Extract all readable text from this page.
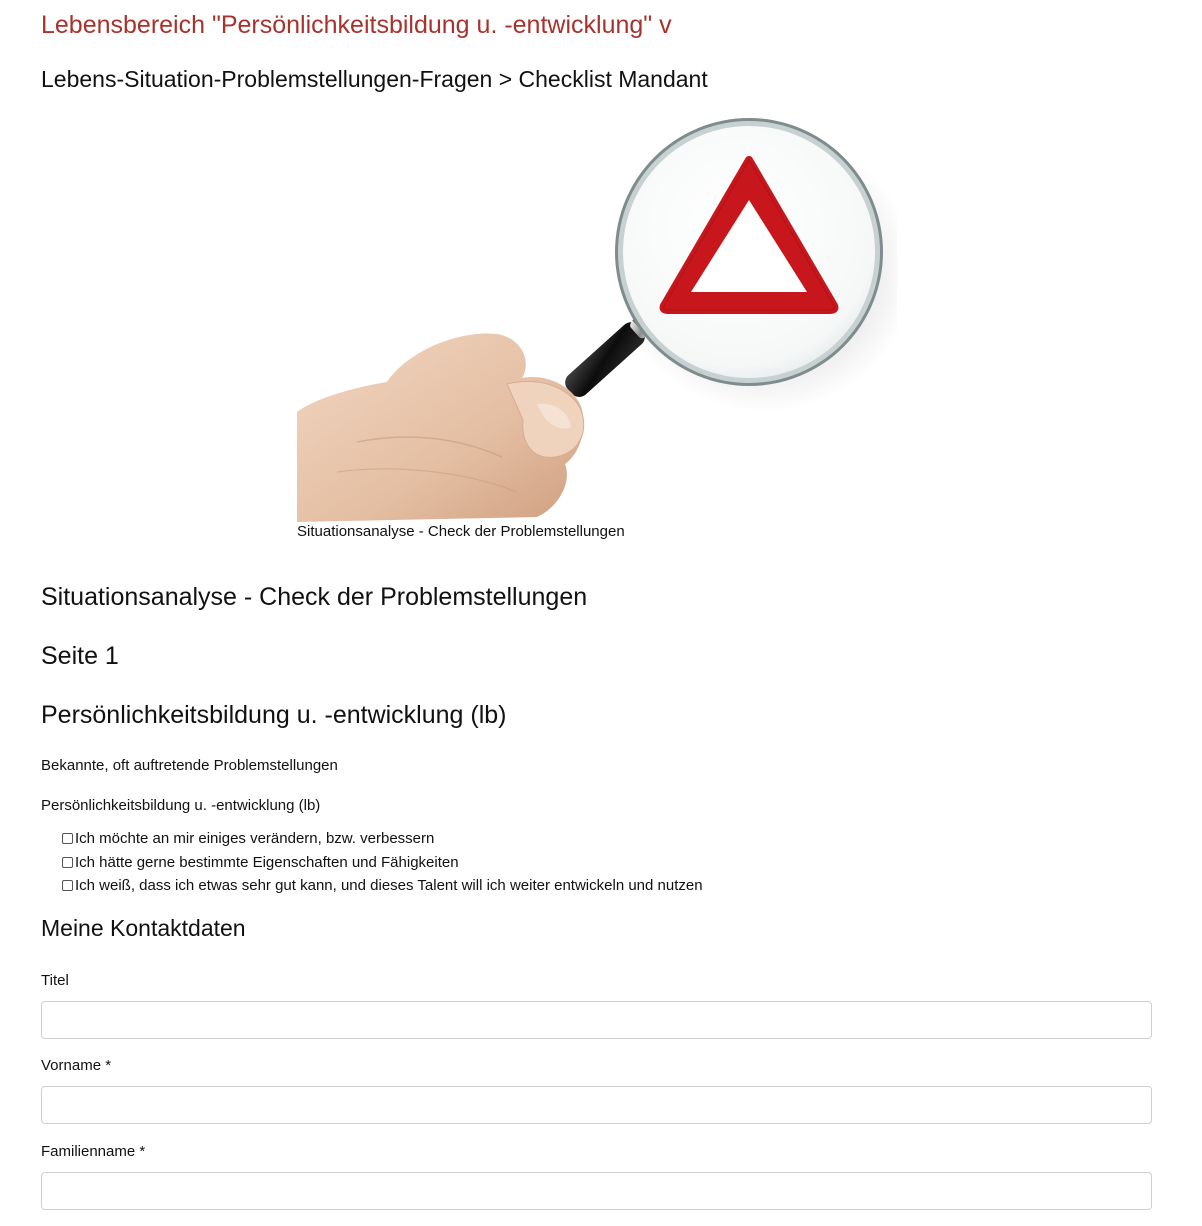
Lebensbereich "Persönlichkeitsbildung u. -entwicklung" v
Lebens-Situation-Problemstellungen-Fragen > Checklist Mandant
Situationsanalyse - Check der Problemstellungen
Situationsanalyse - Check der Problemstellungen
Seite 1
Persönlichkeitsbildung u. -entwicklung (lb)
Bekannte, oft auftretende Problemstellungen
Persönlichkeitsbildung u. -entwicklung (lb)
Ich möchte an mir einiges verändern, bzw. verbessern
Ich hätte gerne bestimmte Eigenschaften und Fähigkeiten
Ich weiß, dass ich etwas sehr gut kann, und dieses Talent will ich weiter entwickeln und nutzen
Meine Kontaktdaten
Titel
Vorname *
Familienname *
